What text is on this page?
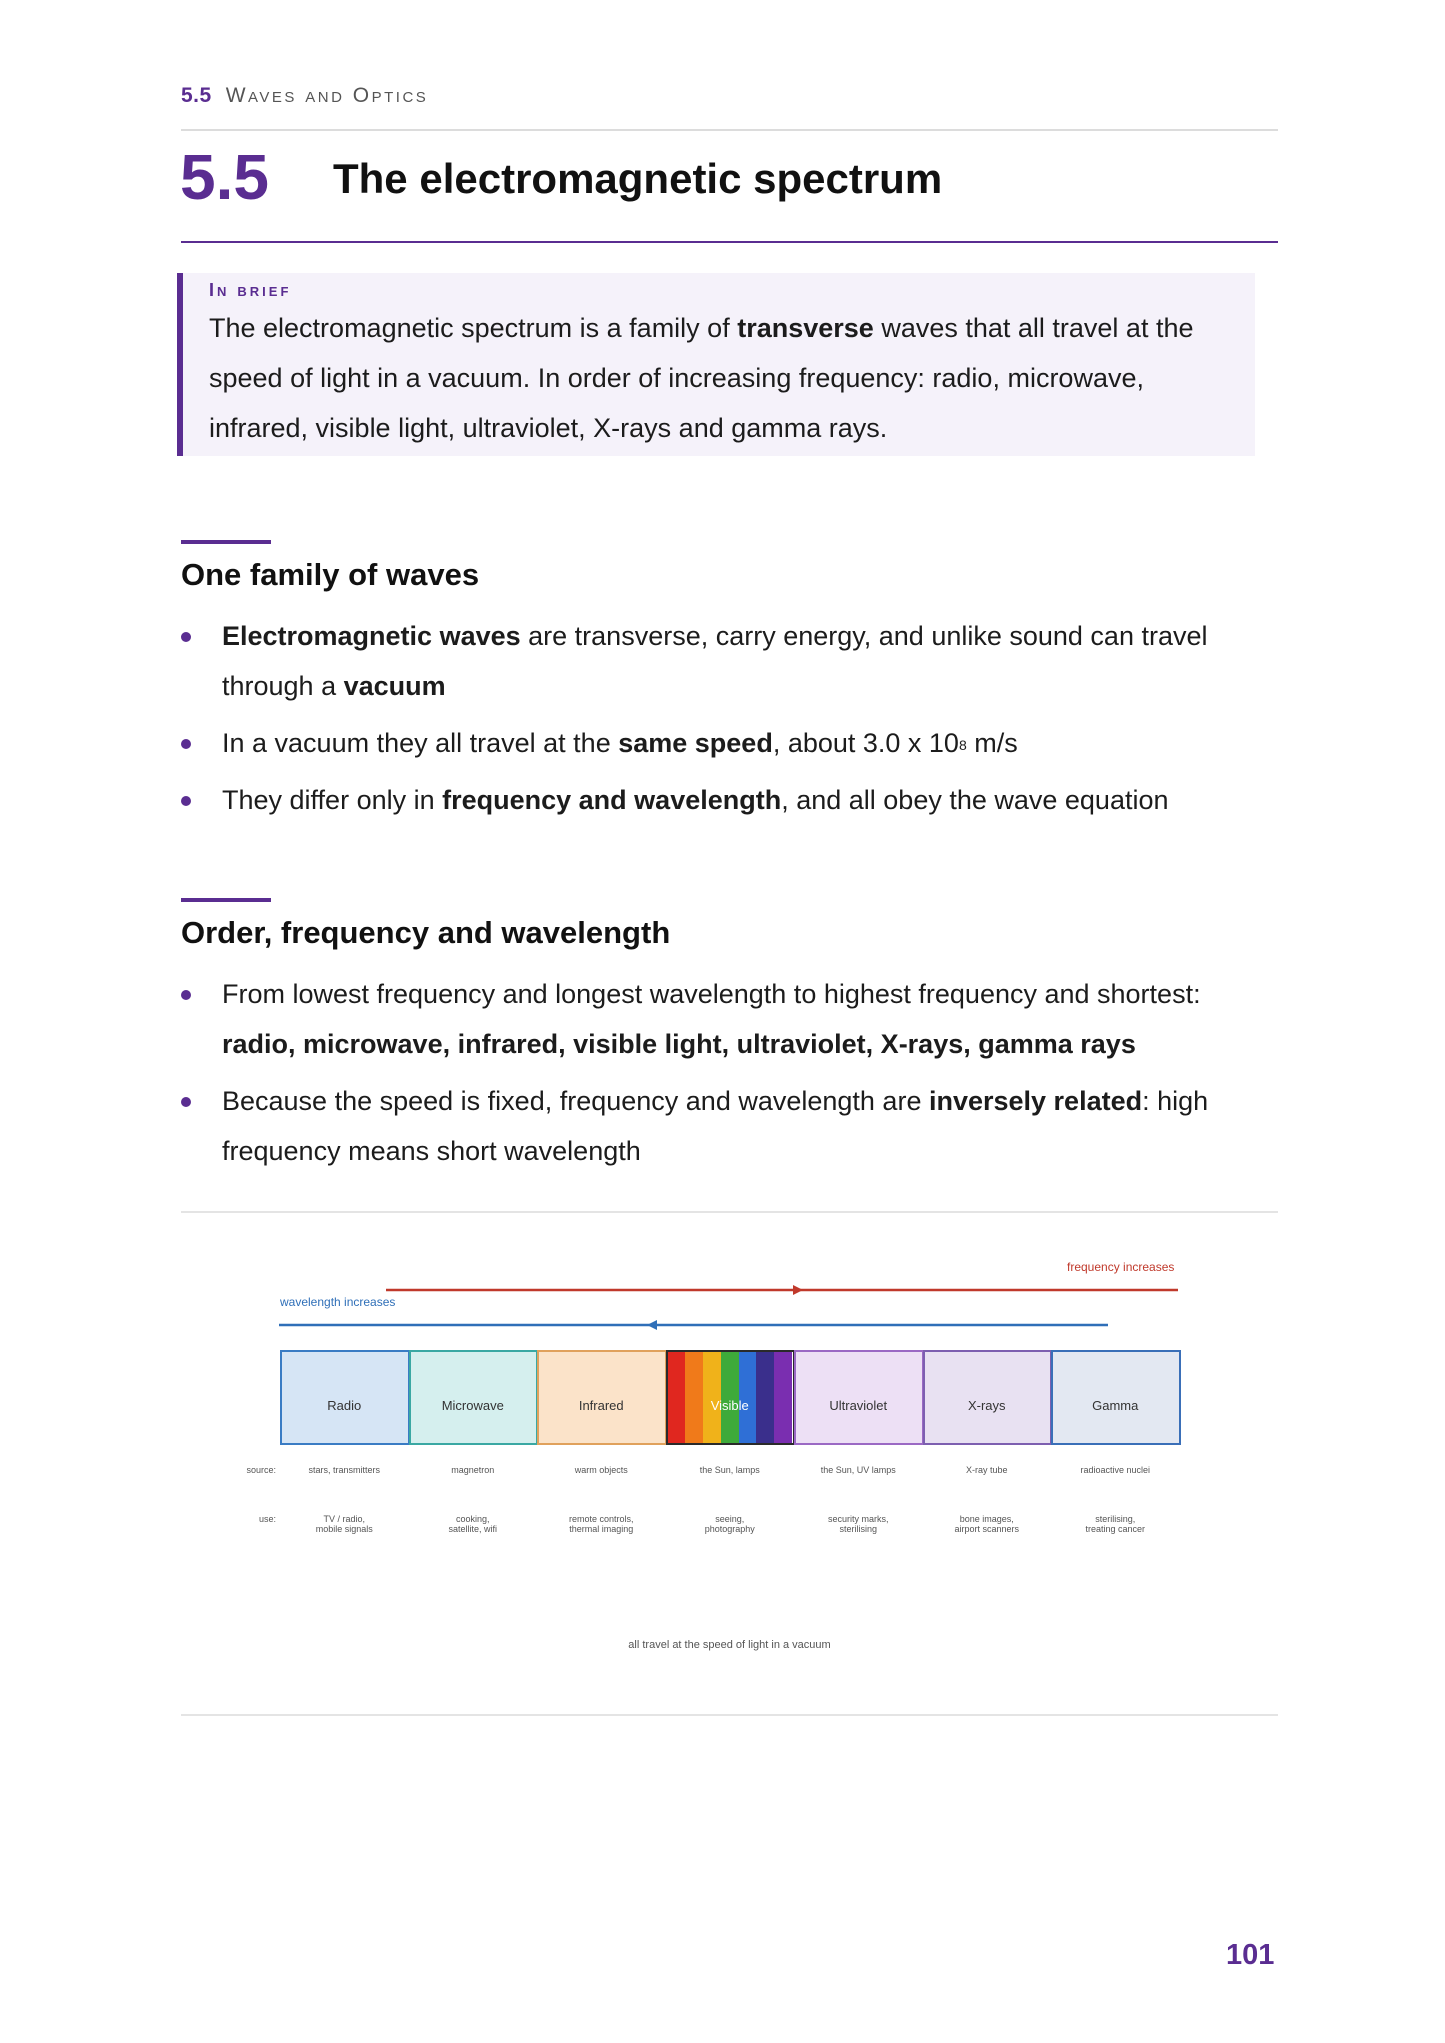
5.5 Waves and Optics
5.5 The electromagnetic spectrum
In brief
The electromagnetic spectrum is a family of transverse waves that all travel at the speed of light in a vacuum. In order of increasing frequency: radio, microwave, infrared, visible light, ultraviolet, X-rays and gamma rays.
One family of waves
Electromagnetic waves are transverse, carry energy, and unlike sound can travel through a vacuum
In a vacuum they all travel at the same speed, about 3.0 x $10^8$ m/s
They differ only in frequency and wavelength, and all obey the wave equation
Order, frequency and wavelength
From lowest frequency and longest wavelength to highest frequency and shortest: radio, microwave, infrared, visible light, ultraviolet, X-rays, gamma rays
Because the speed is fixed, frequency and wavelength are inversely related: high frequency means short wavelength
frequency increases
wavelength increases
Radio
stars, transmitters
TV / radio,
mobile signals
Microwave
magnetron
cooking,
satellite, wifi
Infrared
warm objects
remote controls,
thermal imaging
Visible
the Sun, lamps
seeing,
photography
Ultraviolet
the Sun, UV lamps
security marks,
sterilising
X-rays
X-ray tube
bone images,
airport scanners
Gamma
radioactive nuclei
sterilising,
treating cancer
source:
use:
all travel at the speed of light in a vacuum
101
